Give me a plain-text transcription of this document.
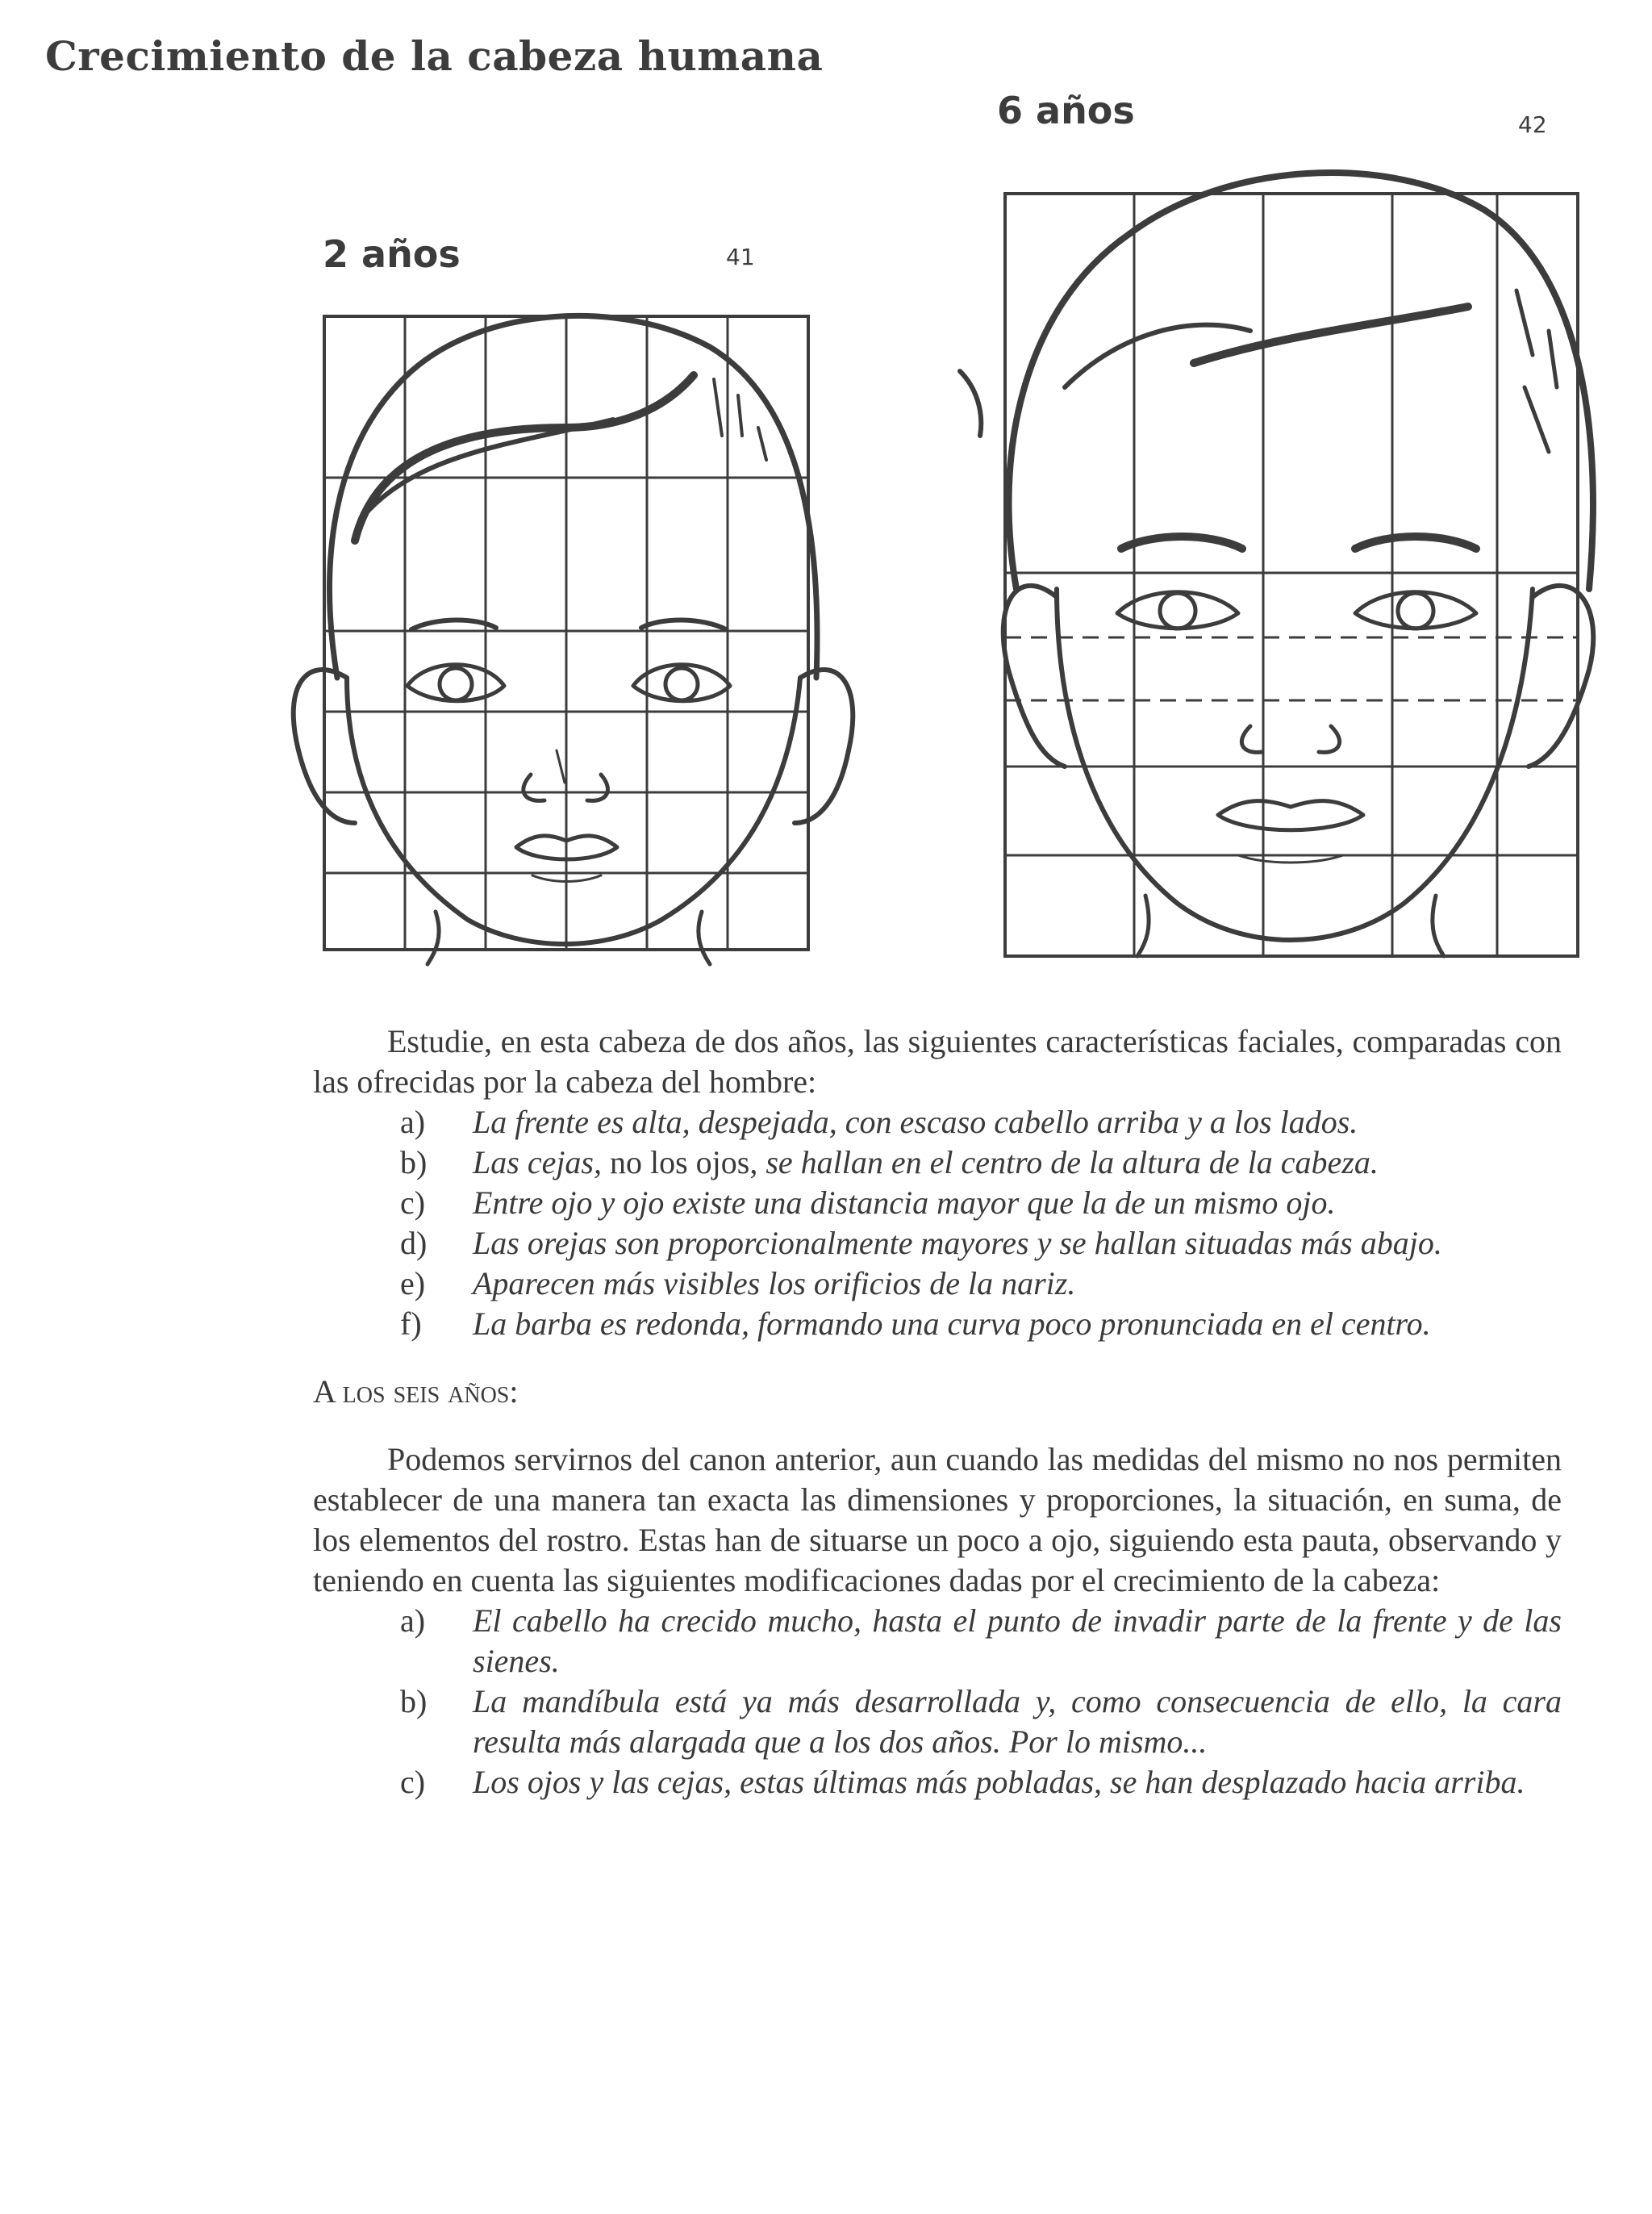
Crecimiento de la cabeza humana
2 años	41
6 años	42

Estudie, en esta cabeza de dos años, las siguientes características faciales, comparadas con las ofrecidas por la cabeza del hombre:

a) La frente es alta, despejada, con escaso cabello arriba y a los lados.

b) Las cejas, no los ojos, se hallan en el centro de la altura de la cabeza.

c) Entre ojo y ojo existe una distancia mayor que la de un mismo ojo.

d) Las orejas son proporcionalmente mayores y se hallan situadas más abajo.

e) Aparecen más visibles los orificios de la nariz.

f) La barba es redonda, formando una curva poco pronunciada en el centro.

A los seis años:

Podemos servirnos del canon anterior, aun cuando las medidas del mismo no nos permiten establecer de una manera tan exacta las dimensiones y proporciones, la situación, en suma, de los elementos del rostro. Estas han de situarse un poco a ojo, siguiendo esta pauta, observando y teniendo en cuenta las siguientes modificaciones dadas por el crecimiento de la cabeza:

a) El cabello ha crecido mucho, hasta el punto de invadir parte de la frente y de las sienes.

b) La mandíbula está ya más desarrollada y, como consecuencia de ello, la cara resulta más alargada que a los dos años. Por lo mismo...

c) Los ojos y las cejas, estas últimas más pobladas, se han desplazado hacia arriba.
